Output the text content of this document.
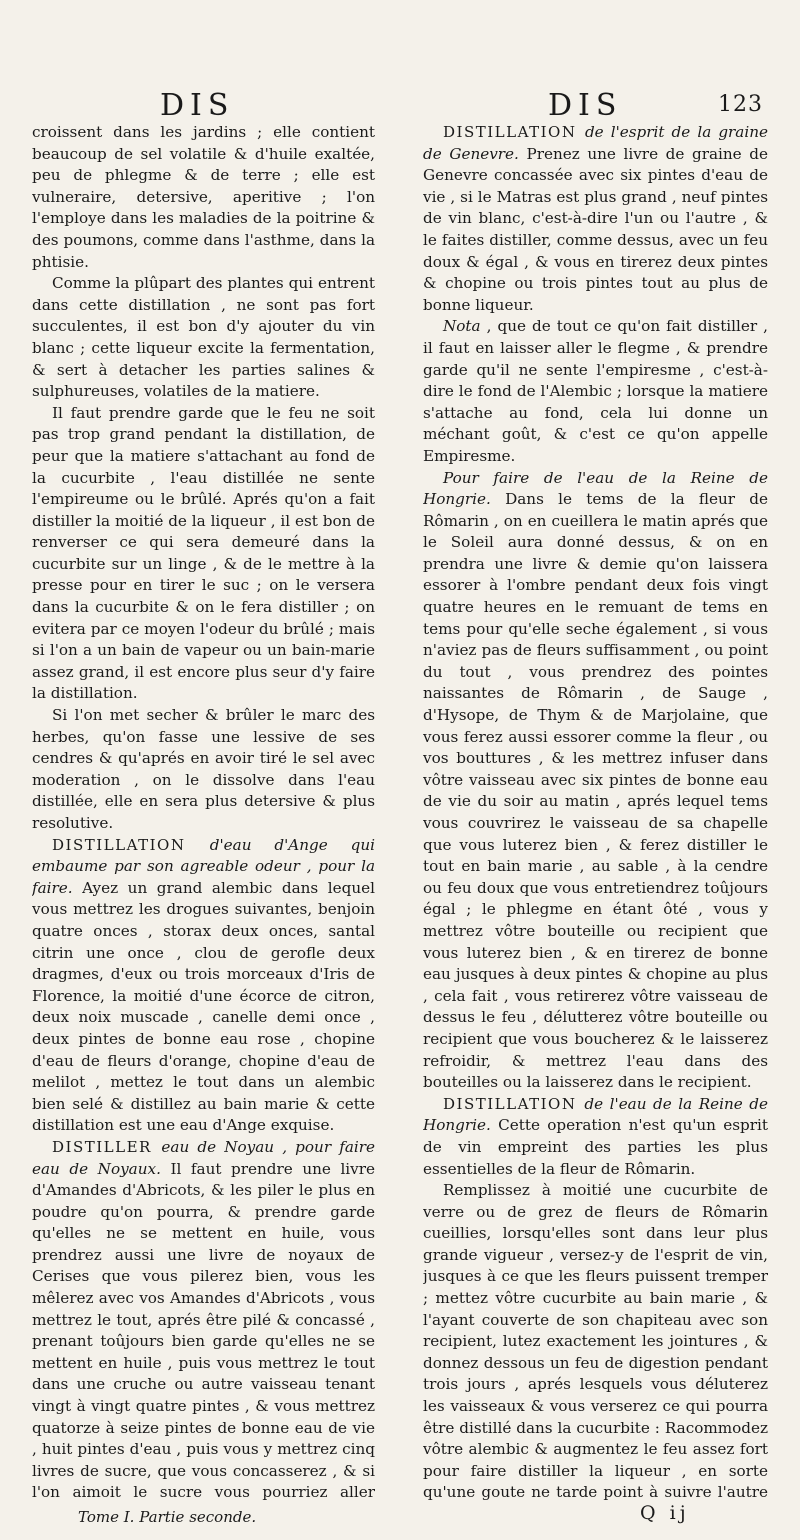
DIS	DIS	123

croissent dans les jardins ; elle contient beaucoup de sel volatile & d'huile exaltée, peu de phlegme & de terre ; elle est vulneraire, detersive, aperitive ; l'on l'employe dans les maladies de la poitrine & des poumons, comme dans l'asthme, dans la phtisie.

Comme la plûpart des plantes qui entrent dans cette distillation , ne sont pas fort succulentes, il est bon d'y ajouter du vin blanc ; cette liqueur excite la fermentation, & sert à detacher les parties salines & sulphureuses, volatiles de la matiere.

Il faut prendre garde que le feu ne soit pas trop grand pendant la distillation, de peur que la matiere s'attachant au fond de la cucurbite , l'eau distillée ne sente l'empireume ou le brûlé. Aprés qu'on a fait distiller la moitié de la liqueur , il est bon de renverser ce qui sera demeuré dans la cucurbite sur un linge , & de le mettre à la presse pour en tirer le suc ; on le versera dans la cucurbite & on le fera distiller ; on evitera par ce moyen l'odeur du brûlé ; mais si l'on a un bain de vapeur ou un bain-marie assez grand, il est encore plus seur d'y faire la distillation.

Si l'on met secher & brûler le marc des herbes, qu'on fasse une lessive de ses cendres & qu'aprés en avoir tiré le sel avec moderation , on le dissolve dans l'eau distillée, elle en sera plus detersive & plus resolutive.

DISTILLATION d'eau d'Ange qui embaume par son agreable odeur , pour la faire. Ayez un grand alembic dans lequel vous mettrez les drogues suivantes, benjoin quatre onces , storax deux onces, santal citrin une once , clou de gerofle deux dragmes, d'eux ou trois morceaux d'Iris de Florence, la moitié d'une écorce de citron, deux noix muscade , canelle demi once , deux pintes de bonne eau rose , chopine d'eau de fleurs d'orange, chopine d'eau de melilot , mettez le tout dans un alembic bien selé & distillez au bain marie & cette distillation est une eau d'Ange exquise.

DISTILLER eau de Noyau , pour faire eau de Noyaux. Il faut prendre une livre d'Amandes d'Abricots, & les piler le plus en poudre qu'on pourra, & prendre garde qu'elles ne se mettent en huile, vous prendrez aussi une livre de noyaux de Cerises que vous pilerez bien, vous les mêlerez avec vos Amandes d'Abricots , vous mettrez le tout, aprés être pilé & concassé , prenant toûjours bien garde qu'elles ne se mettent en huile , puis vous mettrez le tout dans une cruche ou autre vaisseau tenant vingt à vingt quatre pintes , & vous mettrez quatorze à seize pintes de bonne eau de vie , huit pintes d'eau , puis vous y mettrez cinq livres de sucre, que vous concasserez , & si l'on aimoit le sucre vous pourriez aller

DISTILLATION de l'esprit de la graine de Genevre. Prenez une livre de graine de Genevre concassée avec six pintes d'eau de vie , si le Matras est plus grand , neuf pintes de vin blanc, c'est-à-dire l'un ou l'autre , & le faites distiller, comme dessus, avec un feu doux & égal , & vous en tirerez deux pintes & chopine ou trois pintes tout au plus de bonne liqueur.

Nota , que de tout ce qu'on fait distiller , il faut en laisser aller le flegme , & prendre garde qu'il ne sente l'empiresme , c'est-à-dire le fond de l'Alembic ; lorsque la matiere s'attache au fond, cela lui donne un méchant goût, & c'est ce qu'on appelle Empiresme.

Pour faire de l'eau de la Reine de Hongrie. Dans le tems de la fleur de Rômarin , on en cueillera le matin aprés que le Soleil aura donné dessus, & on en prendra une livre & demie qu'on laissera essorer à l'ombre pendant deux fois vingt quatre heures en le remuant de tems en tems pour qu'elle seche également , si vous n'aviez pas de fleurs suffisamment , ou point du tout , vous prendrez des pointes naissantes de Rômarin , de Sauge , d'Hysope, de Thym & de Marjolaine, que vous ferez aussi essorer comme la fleur , ou vos bouttures , & les mettrez infuser dans vôtre vaisseau avec six pintes de bonne eau de vie du soir au matin , aprés lequel tems vous couvrirez le vaisseau de sa chapelle que vous luterez bien , & ferez distiller le tout en bain marie , au sable , à la cendre ou feu doux que vous entretiendrez toûjours égal ; le phlegme en étant ôté , vous y mettrez vôtre bouteille ou recipient que vous luterez bien , & en tirerez de bonne eau jusques à deux pintes & chopine au plus , cela fait , vous retirerez vôtre vaisseau de dessus le feu , délutterez vôtre bouteille ou recipient que vous boucherez & le laisserez refroidir, & mettrez l'eau dans des bouteilles ou la laisserez dans le recipient.

DISTILLATION de l'eau de la Reine de Hongrie. Cette operation n'est qu'un esprit de vin empreint des parties les plus essentielles de la fleur de Rômarin.

Remplissez à moitié une cucurbite de verre ou de grez de fleurs de Rômarin cueillies, lorsqu'elles sont dans leur plus grande vigueur , versez-y de l'esprit de vin, jusques à ce que les fleurs puissent tremper ; mettez vôtre cucurbite au bain marie , & l'ayant couverte de son chapiteau avec son recipient, lutez exactement les jointures , & donnez dessous un feu de digestion pendant trois jours , aprés lesquels vous déluterez les vaisseaux & vous verserez ce qui pourra être distillé dans la cucurbite : Racommodez vôtre alembic & augmentez le feu assez fort pour faire distiller la liqueur , en sorte qu'une goute ne tarde point à suivre l'autre

Tome I. Partie seconde.	Q ij
